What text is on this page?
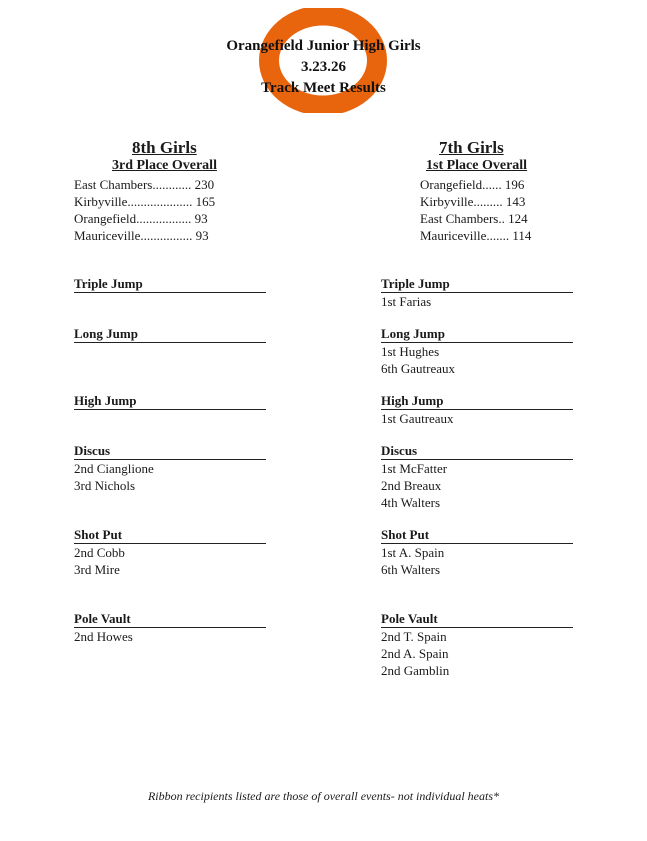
Orangefield Junior High Girls
3.23.26
Track Meet Results
8th Girls
3rd Place Overall
East Chambers............ 230
Kirbyville.................... 165
Orangefield................. 93
Mauriceville................ 93
7th Girls
1st Place Overall
Orangefield...... 196
Kirbyville......... 143
East Chambers.. 124
Mauriceville....... 114
Triple Jump
Long Jump
High Jump
Discus
2nd Cianglione
3rd Nichols
Shot Put
2nd Cobb
3rd Mire
Pole Vault
2nd Howes
Triple Jump
1st Farias
Long Jump
1st Hughes
6th Gautreaux
High Jump
1st Gautreaux
Discus
1st McFatter
2nd Breaux
4th Walters
Shot Put
1st A. Spain
6th Walters
Pole Vault
2nd T. Spain
2nd A. Spain
2nd Gamblin
Ribbon recipients listed are those of overall events- not individual heats*
